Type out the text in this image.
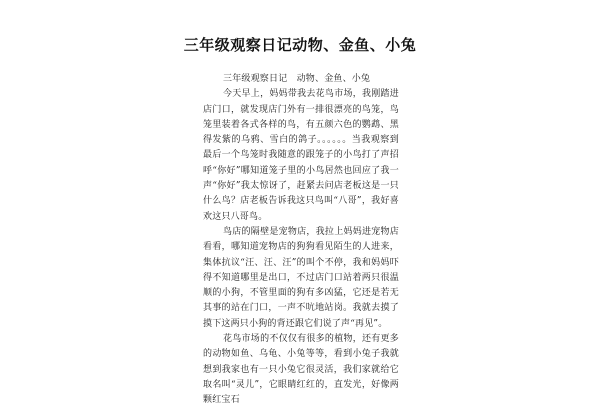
三年级观察日记动物、金鱼、小兔

三年级观察日记　动物、金鱼、小兔

今天早上，妈妈带我去花鸟市场，我刚踏进店门口，就发现店门外有一排很漂亮的鸟笼，鸟笼里装着各式各样的鸟，有五颜六色的鹦鹉、黑得发紫的乌鸦、雪白的鸽子。。。。。。当我观察到最后一个鸟笼时我随意的跟笼子的小鸟打了声招呼“你好”哪知道笼子里的小鸟居然也回应了我一声“你好”我太惊讶了，赶紧去问店老板这是一只什么鸟？店老板告诉我这只鸟叫“八哥”，我好喜欢这只八哥鸟。

鸟店的隔壁是宠物店，我拉上妈妈进宠物店看看，哪知道宠物店的狗狗看见陌生的人进来，集体抗议“汪、汪、汪”的叫个不停，我和妈妈吓得不知道哪里是出口，不过店门口站着两只很温顺的小狗，不管里面的狗有多凶猛，它还是若无其事的站在门口，一声不吭地站岗。我就去摸了摸下这两只小狗的背还跟它们说了声“再见”。

花鸟市场的不仅仅有很多的植物，还有更多的动物如鱼、乌龟、小兔等等，看到小兔子我就想到我家也有一只小兔它很灵活，我们家就给它取名叫“灵儿”，它眼睛红红的，直发光，好像两颗红宝石
